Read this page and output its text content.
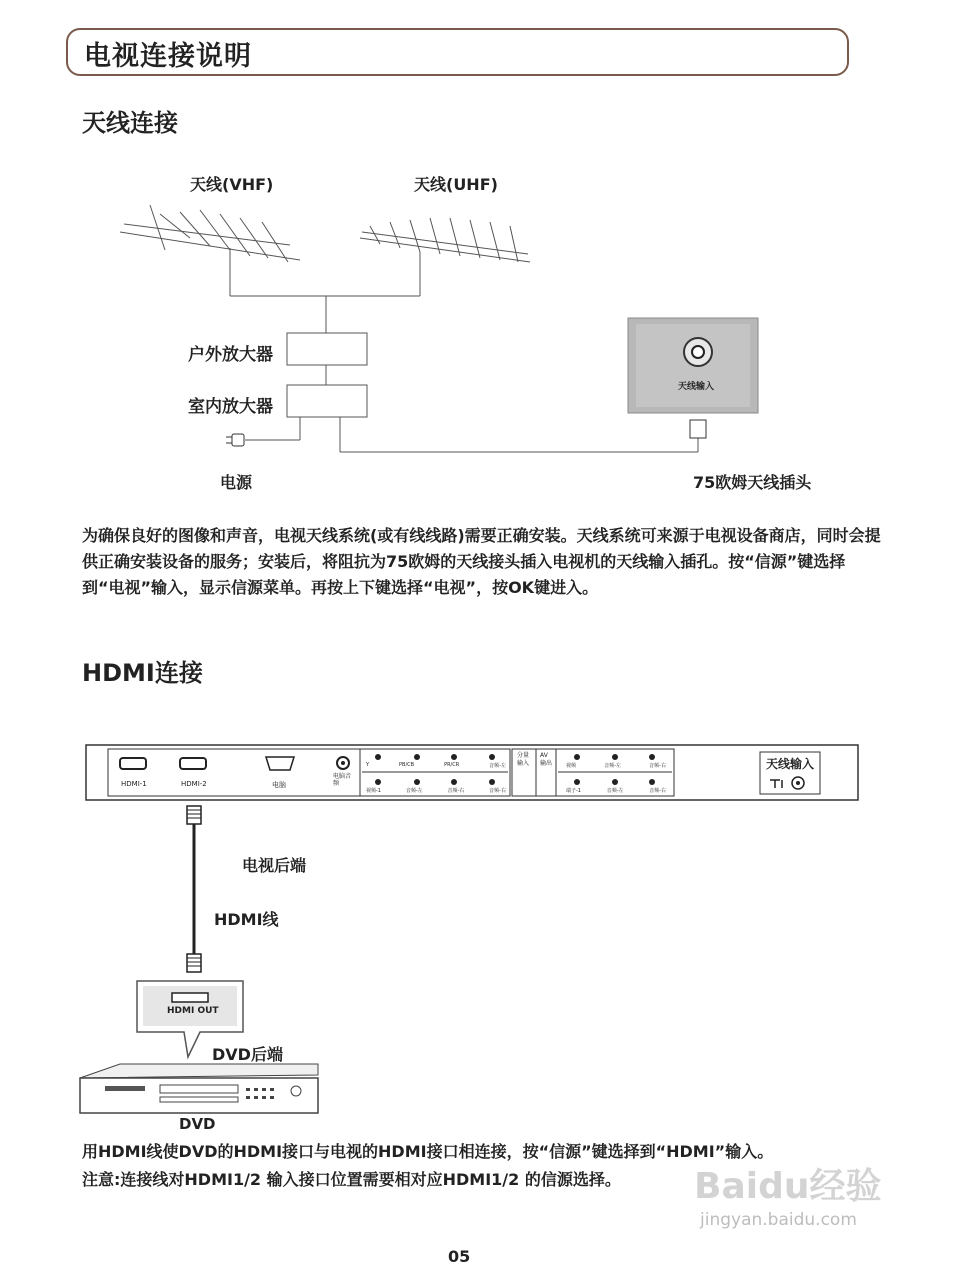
电视连接说明
天线连接
天线(VHF)	天线(UHF)
户外放大器
室内放大器
电源
天线输入
75欧姆天线插头
为确保良好的图像和声音，电视天线系统(或有线线路)需要正确安装。天线系统可来源于电视设备商店，同时会提供正确安装设备的服务；安装后，将阻抗为75欧姆的天线接头插入电视机的天线输入插孔。按“信源”键选择到“电视”输入，显示信源菜单。再按上下键选择“电视”，按OK键进入。
HDMI连接
HDMI-1	HDMI-2	电脑
电脑音频
Y	PB/CB	PR/CR	音频-左
视频-1	音频-左	音频-右	音频-右
分量输入
AV输出	视频	音频-左	音频-右
端子-1	音频-左	音频-右
天线输入
电视后端
HDMI线
HDMI OUT
DVD后端
DVD
用HDMI线使DVD的HDMI接口与电视的HDMI接口相连接，按“信源”键选择到“HDMI”输入。
注意:连接线对HDMI1/2 输入接口位置需要相对应HDMI1/2 的信源选择。
05
Baidu经验
jingyan.baidu.com
